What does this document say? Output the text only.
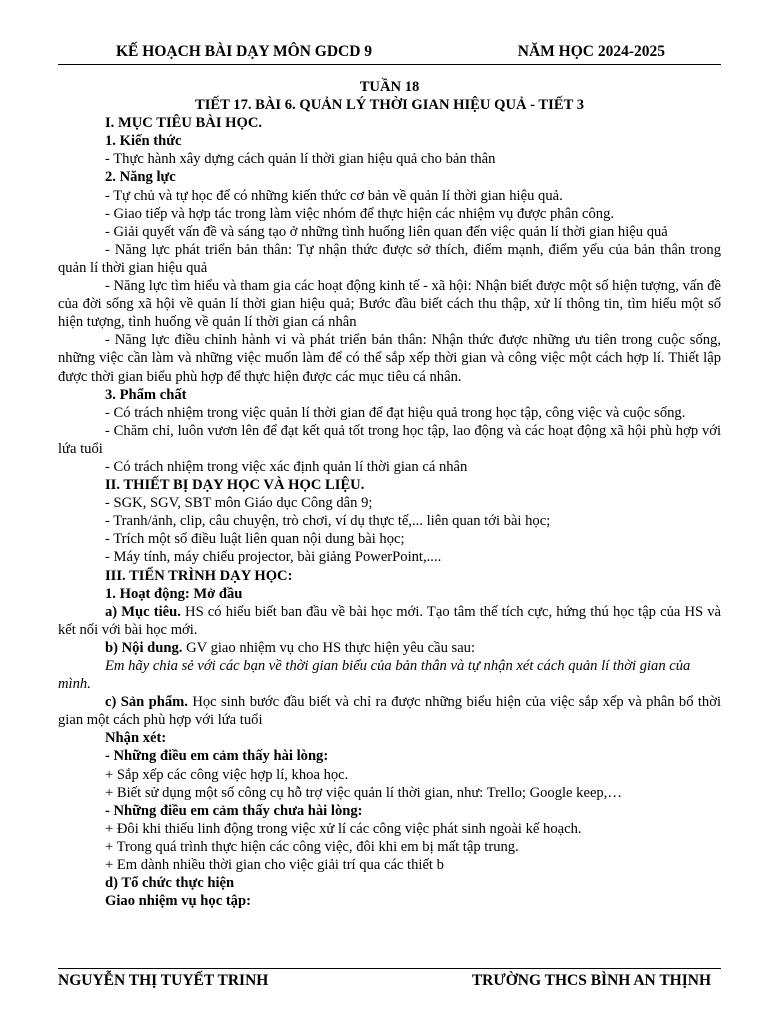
KẾ HOẠCH BÀI DẠY MÔN GDCD 9	NĂM HỌC 2024-2025

TUẦN 18

TIẾT 17. BÀI 6. QUẢN LÝ THỜI GIAN HIỆU QUẢ - TIẾT 3

I. MỤC TIÊU BÀI HỌC.

1. Kiến thức

- Thực hành xây dựng cách quản lí thời gian hiệu quả cho bản thân

2. Năng lực

- Tự chủ và tự học để có những kiến thức cơ bản về quản lí thời gian hiệu quả.

- Giao tiếp và hợp tác trong làm việc nhóm để thực hiện các nhiệm vụ được phân công.

- Giải quyết vấn đề và sáng tạo ở những tình huống liên quan đến việc quản lí thời gian hiệu quả

- Năng lực phát triển bản thân: Tự nhận thức được sở thích, điểm mạnh, điểm yếu của bản thân trong quản lí thời gian hiệu quả

- Năng lực tìm hiểu và tham gia các hoạt động kinh tế - xã hội: Nhận biết được một số hiện tượng, vấn đề của đời sống xã hội về quản lí thời gian hiệu quả; Bước đầu biết cách thu thập, xử lí thông tin, tìm hiểu một số hiện tượng, tình huống về quản lí thời gian cá nhân

- Năng lực điều chỉnh hành vi và phát triển bản thân: Nhận thức được những ưu tiên trong cuộc sống, những việc cần làm và những việc muốn làm để có thể sắp xếp thời gian và công việc một cách hợp lí. Thiết lập được thời gian biểu phù hợp để thực hiện được các mục tiêu cá nhân.

3. Phẩm chất

- Có trách nhiệm trong việc quản lí thời gian để đạt hiệu quả trong học tập, công việc và cuộc sống.

- Chăm chỉ, luôn vươn lên để đạt kết quả tốt trong học tập, lao động và các hoạt động xã hội phù hợp với lứa tuổi

- Có trách nhiệm trong việc xác định quản lí thời gian cá nhân

II. THIẾT BỊ DẠY HỌC VÀ HỌC LIỆU.

- SGK, SGV, SBT môn Giáo dục Công dân 9;

- Tranh/ảnh, clip, câu chuyện, trò chơi, ví dụ thực tế,... liên quan tới bài học;

- Trích một số điều luật liên quan nội dung bài học;

- Máy tính, máy chiếu projector, bài giảng PowerPoint,....

III. TIẾN TRÌNH DẠY HỌC:

1. Hoạt động: Mở đầu

a) Mục tiêu. HS có hiểu biết ban đầu về bài học mới. Tạo tâm thế tích cực, hứng thú học tập của HS và kết nối với bài học mới.

b) Nội dung. GV giao nhiệm vụ cho HS thực hiện yêu cầu sau:

Em hãy chia sẻ với các bạn về thời gian biểu của bản thân và tự nhận xét cách quản lí thời gian của mình.

c) Sản phẩm. Học sinh bước đầu biết và chỉ ra được những biểu hiện của việc sắp xếp và phân bổ thời gian một cách phù hợp với lứa tuổi

Nhận xét:

- Những điều em cảm thấy hài lòng:

+ Sắp xếp các công việc hợp lí, khoa học.

+ Biết sử dụng một số công cụ hỗ trợ việc quản lí thời gian, như: Trello; Google keep,…

- Những điều em cảm thấy chưa hài lòng:

+ Đôi khi thiếu linh động trong việc xử lí các công việc phát sinh ngoài kế hoạch.

+ Trong quá trình thực hiện các công việc, đôi khi em bị mất tập trung.

+ Em dành nhiều thời gian cho việc giải trí qua các thiết b

d) Tổ chức thực hiện

Giao nhiệm vụ học tập:

NGUYỄN THỊ TUYẾT TRINH	TRƯỜNG THCS BÌNH AN THỊNH
